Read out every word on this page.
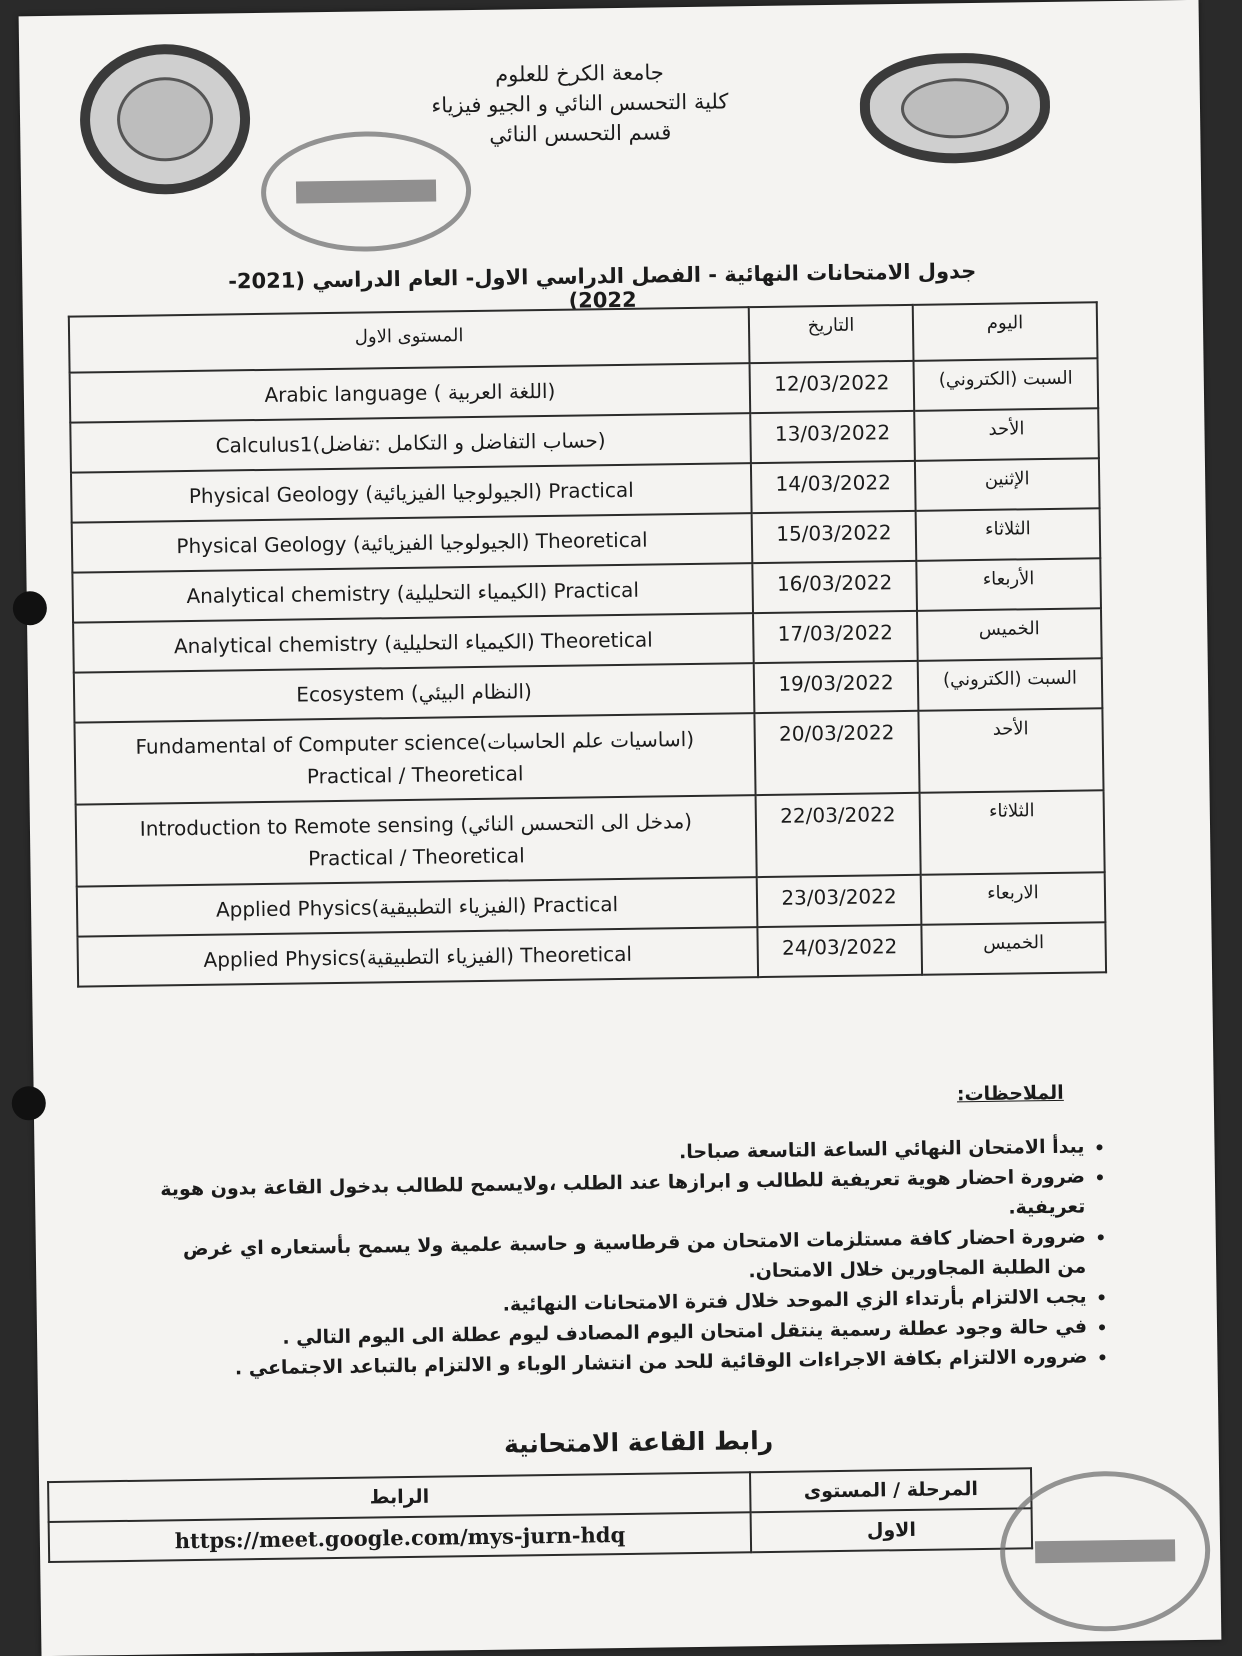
جامعة الكرخ للعلوم
كلية التحسس النائي و الجيو فيزياء
قسم التحسس النائي
جدول الامتحانات النهائية - الفصل الدراسي الاول- العام الدراسي (2021-2022)
المستوى الاول	التاريخ	اليوم

Arabic language ( اللغة العربية)	12/03/2022	السبت (الكتروني)

Calculus1(حساب التفاضل و التكامل :تفاضل)	13/03/2022	الأحد

Physical Geology (الجيولوجيا الفيزيائية) Practical	14/03/2022	الإثنين

Physical Geology (الجيولوجيا الفيزيائية) Theoretical	15/03/2022	الثلاثاء

Analytical chemistry (الكيمياء التحليلية) Practical	16/03/2022	الأربعاء

Analytical chemistry (الكيمياء التحليلية) Theoretical	17/03/2022	الخميس

Ecosystem (النظام البيئي)	19/03/2022	السبت (الكتروني)

Fundamental of Computer science(اساسيات علم الحاسبات)
Practical / Theoretical	20/03/2022	الأحد

Introduction to Remote sensing (مدخل الى التحسس النائي)
Practical / Theoretical	22/03/2022	الثلاثاء

Applied Physics(الفيزياء التطبيقية) Practical	23/03/2022	الاربعاء

Applied Physics(الفيزياء التطبيقية) Theoretical	24/03/2022	الخميس
الملاحظات:
• يبدأ الامتحان النهائي الساعة التاسعة صباحا.
• ضرورة احضار هوية تعريفية للطالب و ابرازها عند الطلب ،ولايسمح للطالب بدخول القاعة بدون هوية تعريفية.
• ضرورة احضار كافة مستلزمات الامتحان من قرطاسية و حاسبة علمية ولا يسمح بأستعاره اي غرض من الطلبة المجاورين خلال الامتحان.
• يجب الالتزام بأرتداء الزي الموحد خلال فترة الامتحانات النهائية.
• في حالة وجود عطلة رسمية ينتقل امتحان اليوم المصادف ليوم عطلة الى اليوم التالي .
• ضروره الالتزام بكافة الاجراءات الوقائية للحد من انتشار الوباء و الالتزام بالتباعد الاجتماعي .
رابط القاعة الامتحانية
الرابط	المرحلة / المستوى
https://meet.google.com/mys-jurn-hdq	الاول
